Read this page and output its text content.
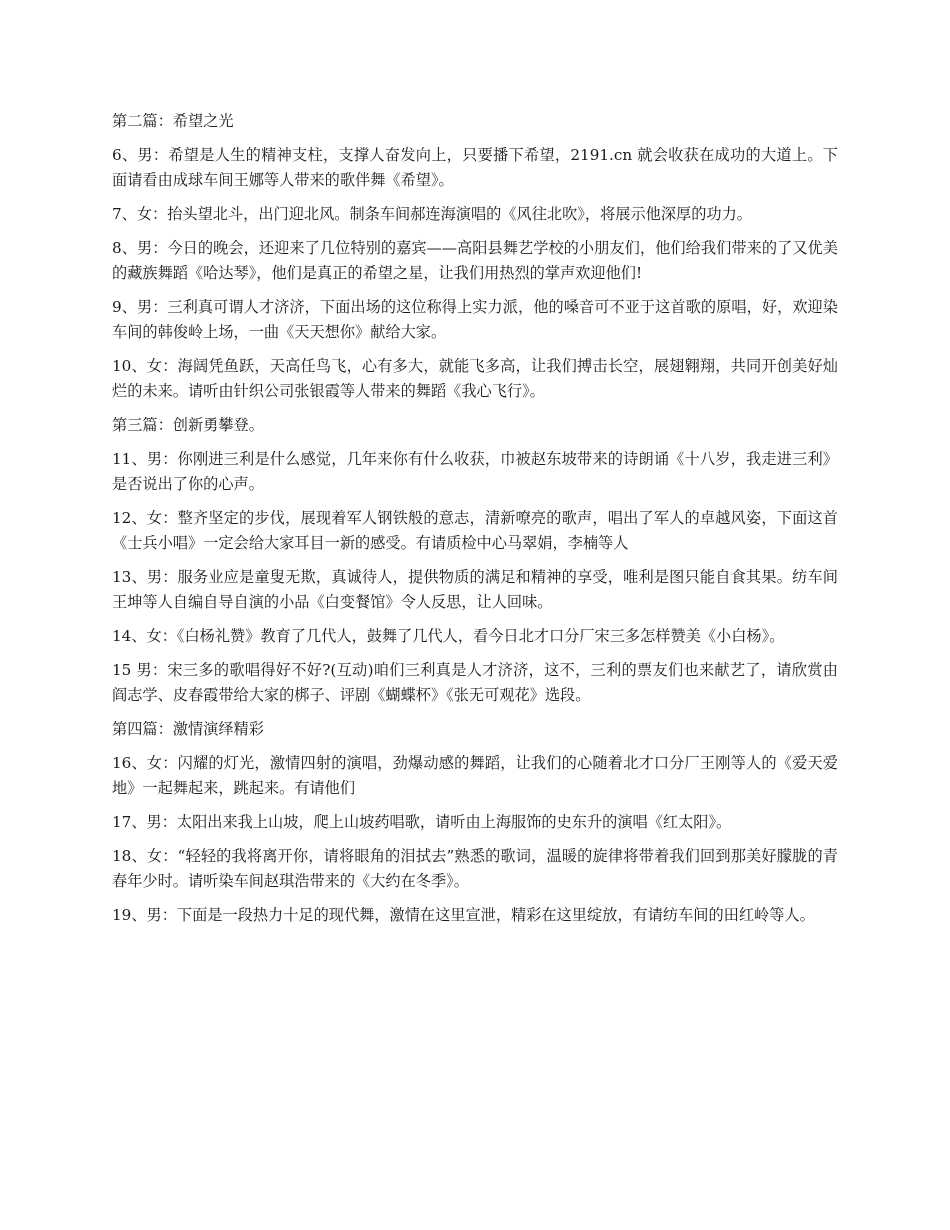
第二篇：希望之光

6、男：希望是人生的精神支柱，支撑人奋发向上，只要播下希望，2191.cn 就会收获在成功的大道上。下面请看由成球车间王娜等人带来的歌伴舞《希望》。

7、女：抬头望北斗，出门迎北风。制条车间郝连海演唱的《风往北吹》，将展示他深厚的功力。

8、男：今日的晚会，还迎来了几位特别的嘉宾——高阳县舞艺学校的小朋友们，他们给我们带来的了又优美的藏族舞蹈《哈达琴》，他们是真正的希望之星，让我们用热烈的掌声欢迎他们!

9、男：三利真可谓人才济济，下面出场的这位称得上实力派，他的嗓音可不亚于这首歌的原唱，好，欢迎染车间的韩俊岭上场，一曲《天天想你》献给大家。

10、女：海阔凭鱼跃，天高任鸟飞，心有多大，就能飞多高，让我们搏击长空，展翅翱翔，共同开创美好灿烂的未来。请听由针织公司张银霞等人带来的舞蹈《我心飞行》。

第三篇：创新勇攀登。

11、男：你刚进三利是什么感觉，几年来你有什么收获，巾被赵东坡带来的诗朗诵《十八岁，我走进三利》是否说出了你的心声。

12、女：整齐坚定的步伐，展现着军人钢铁般的意志，清新嘹亮的歌声，唱出了军人的卓越风姿，下面这首《士兵小唱》一定会给大家耳目一新的感受。有请质检中心马翠娟，李楠等人

13、男：服务业应是童叟无欺，真诚待人，提供物质的满足和精神的享受，唯利是图只能自食其果。纺车间王坤等人自编自导自演的小品《白变餐馆》令人反思，让人回味。

14、女：《白杨礼赞》教育了几代人，鼓舞了几代人，看今日北才口分厂宋三多怎样赞美《小白杨》。

15 男：宋三多的歌唱得好不好?(互动)咱们三利真是人才济济，这不，三利的票友们也来献艺了，请欣赏由阎志学、皮春霞带给大家的梆子、评剧《蝴蝶杯》《张无可观花》选段。

第四篇：激情演绎精彩

16、女：闪耀的灯光，激情四射的演唱，劲爆动感的舞蹈，让我们的心随着北才口分厂王刚等人的《爱天爱地》一起舞起来，跳起来。有请他们

17、男：太阳出来我上山坡，爬上山坡药唱歌，请听由上海服饰的史东升的演唱《红太阳》。

18、女：“轻轻的我将离开你，请将眼角的泪拭去”熟悉的歌词，温暖的旋律将带着我们回到那美好朦胧的青春年少时。请听染车间赵琪浩带来的《大约在冬季》。

19、男：下面是一段热力十足的现代舞，激情在这里宣泄，精彩在这里绽放，有请纺车间的田红岭等人。
